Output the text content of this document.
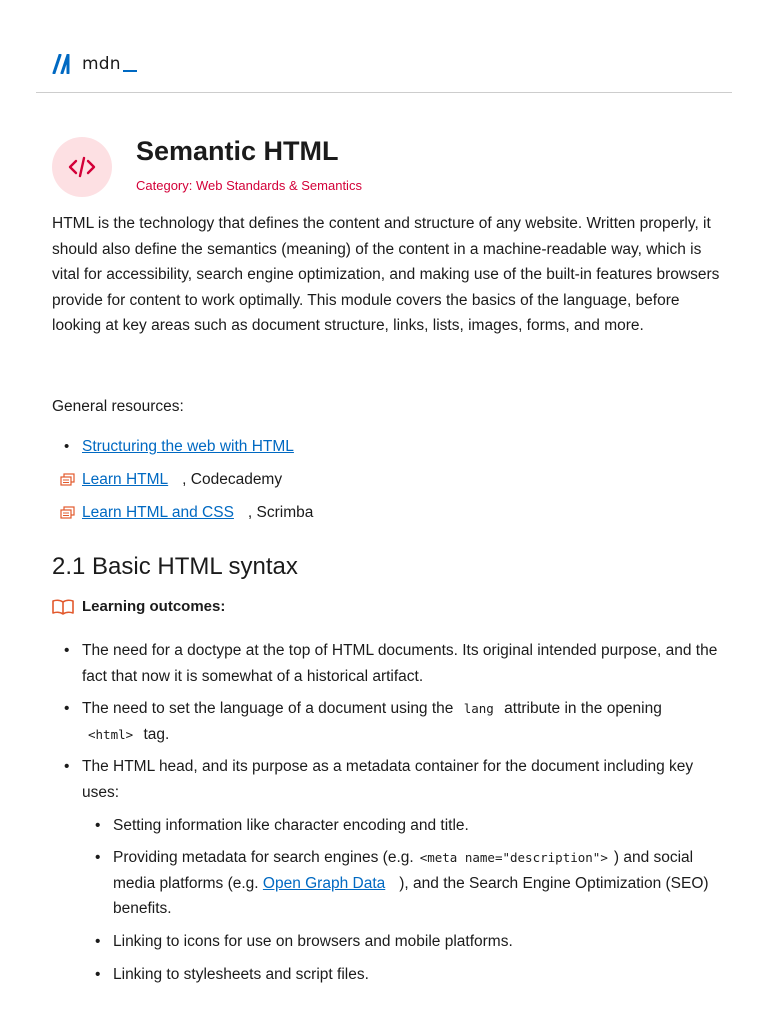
mdn
Semantic HTML
Category: Web Standards & Semantics

HTML is the technology that defines the content and structure of any website. Written properly, it should also define the semantics (meaning) of the content in a machine-readable way, which is vital for accessibility, search engine optimization, and making use of the built-in features browsers provide for content to work optimally. This module covers the basics of the language, before looking at key areas such as document structure, links, lists, images, forms, and more.

General resources:

• Structuring the web with HTML
Learn HTML , Codecademy
Learn HTML and CSS , Scrimba
2.1 Basic HTML syntax
Learning outcomes:
• The need for a doctype at the top of HTML documents. Its original intended purpose, and the fact that now it is somewhat of a historical artifact.
• The need to set the language of a document using the lang attribute in the opening
<html> tag.
• The HTML head, and its purpose as a metadata container for the document including key uses:
• Setting information like character encoding and title.
• Providing metadata for search engines (e.g. <meta name="description"> ) and social media platforms (e.g. Open Graph Data ), and the Search Engine Optimization (SEO) benefits.
• Linking to icons for use on browsers and mobile platforms.
• Linking to stylesheets and script files.
